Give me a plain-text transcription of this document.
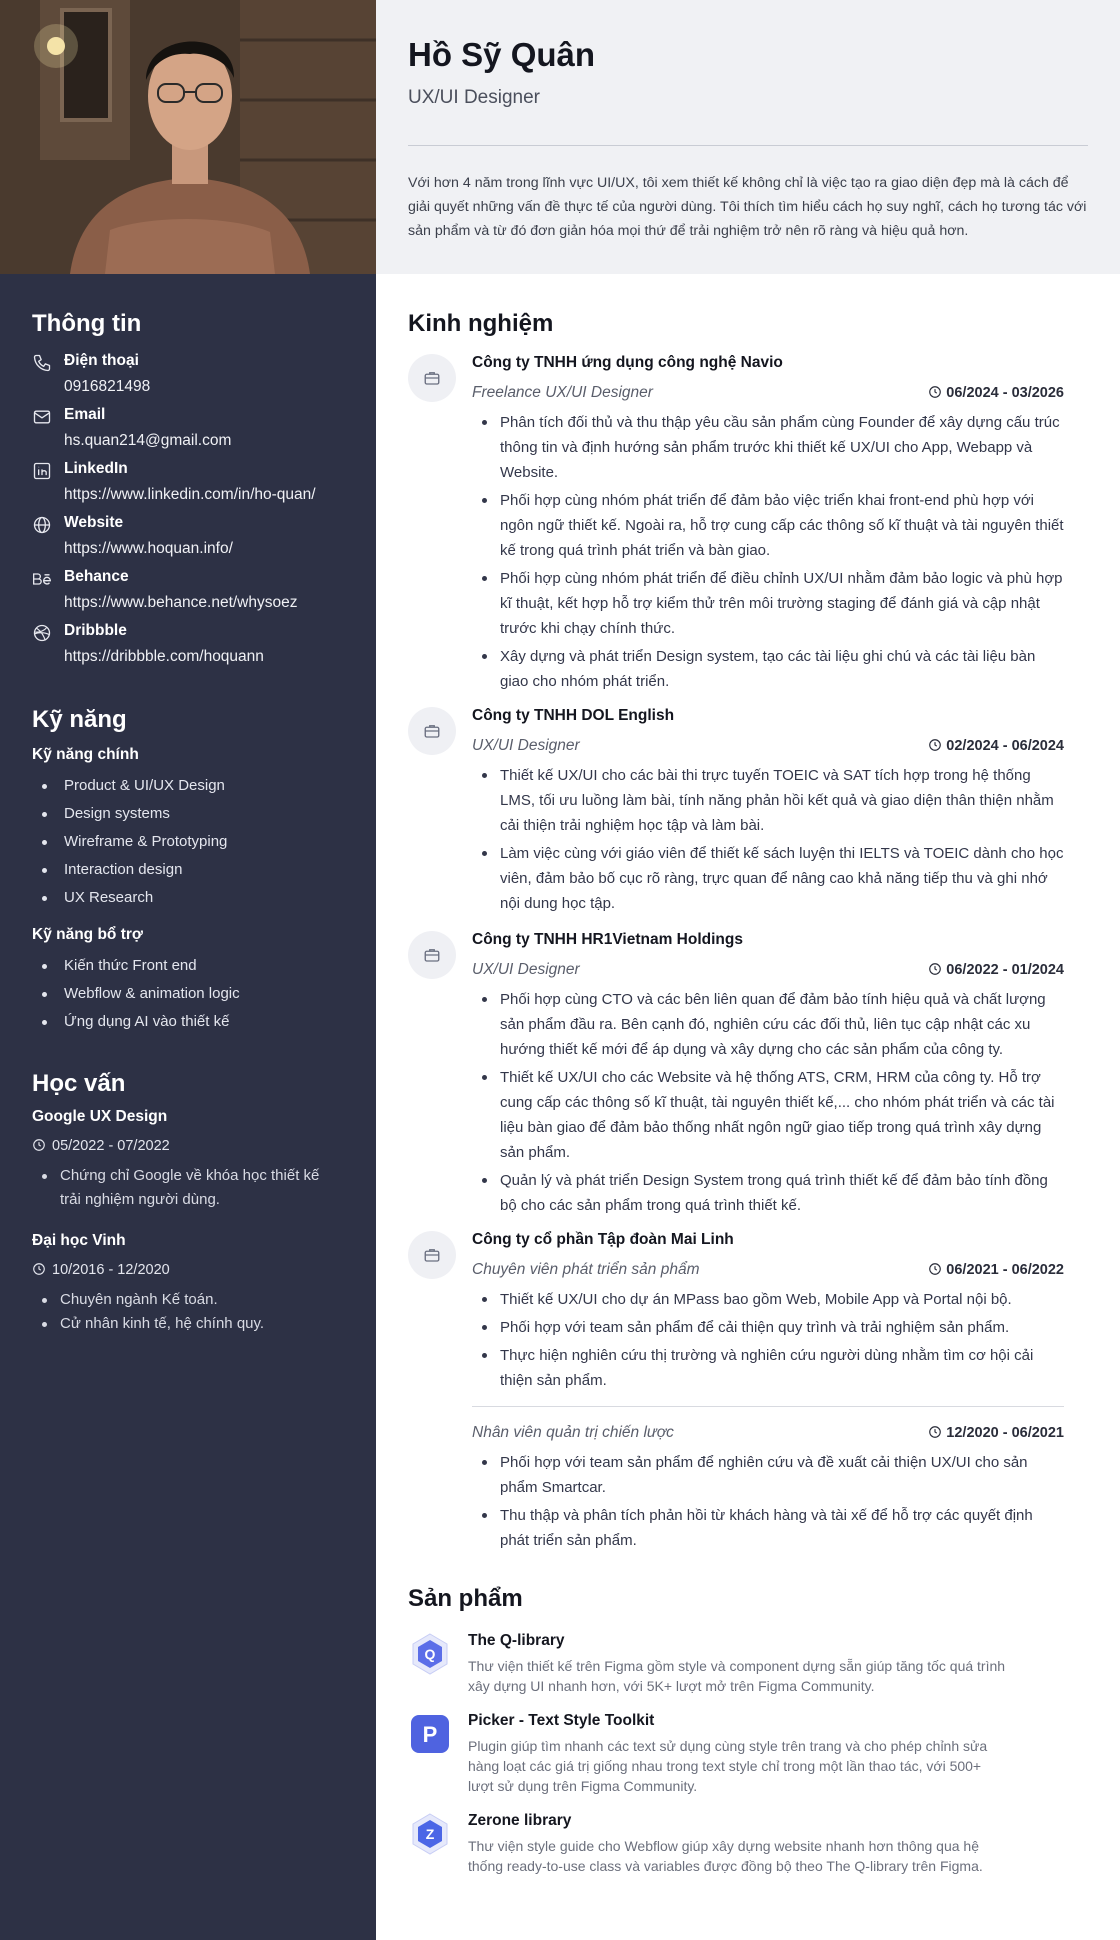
Hồ Sỹ Quân
UX/UI Designer
Với hơn 4 năm trong lĩnh vực UI/UX, tôi xem thiết kế không chỉ là việc tạo ra giao diện đẹp mà là cách để giải quyết những vấn đề thực tế của người dùng. Tôi thích tìm hiểu cách họ suy nghĩ, cách họ tương tác với sản phẩm và từ đó đơn giản hóa mọi thứ để trải nghiệm trở nên rõ ràng và hiệu quả hơn.
Thông tin
Điện thoại
0916821498
Email
hs.quan214@gmail.com
LinkedIn
https://www.linkedin.com/in/ho-quan/
Website
https://www.hoquan.info/
Behance
https://www.behance.net/whysoez
Dribbble
https://dribbble.com/hoquann
Kỹ năng
Kỹ năng chính
Product & UI/UX Design
Design systems
Wireframe & Prototyping
Interaction design
UX Research
Kỹ năng bổ trợ
Kiến thức Front end
Webflow & animation logic
Ứng dụng AI vào thiết kế
Học vấn
Google UX Design
05/2022 - 07/2022
Chứng chỉ Google về khóa học thiết kế trải nghiệm người dùng.
Đại học Vinh
10/2016 - 12/2020
Chuyên ngành Kế toán.
Cử nhân kinh tế, hệ chính quy.
Kinh nghiệm
Công ty TNHH ứng dụng công nghệ Navio
Freelance UX/UI Designer	06/2024 - 03/2026
Phân tích đối thủ và thu thập yêu cầu sản phẩm cùng Founder để xây dựng cấu trúc thông tin và định hướng sản phẩm trước khi thiết kế UX/UI cho App, Webapp và Website.
Phối hợp cùng nhóm phát triển để đảm bảo việc triển khai front-end phù hợp với ngôn ngữ thiết kế. Ngoài ra, hỗ trợ cung cấp các thông số kĩ thuật và tài nguyên thiết kế trong quá trình phát triển và bàn giao.
Phối hợp cùng nhóm phát triển để điều chỉnh UX/UI nhằm đảm bảo logic và phù hợp kĩ thuật, kết hợp hỗ trợ kiểm thử trên môi trường staging để đánh giá và cập nhật trước khi chạy chính thức.
Xây dựng và phát triển Design system, tạo các tài liệu ghi chú và các tài liệu bàn giao cho nhóm phát triển.
Công ty TNHH DOL English
UX/UI Designer	02/2024 - 06/2024
Thiết kế UX/UI cho các bài thi trực tuyến TOEIC và SAT tích hợp trong hệ thống LMS, tối ưu luồng làm bài, tính năng phản hồi kết quả và giao diện thân thiện nhằm cải thiện trải nghiệm học tập và làm bài.
Làm việc cùng với giáo viên để thiết kế sách luyện thi IELTS và TOEIC dành cho học viên, đảm bảo bố cục rõ ràng, trực quan để nâng cao khả năng tiếp thu và ghi nhớ nội dung học tập.
Công ty TNHH HR1Vietnam Holdings
UX/UI Designer	06/2022 - 01/2024
Phối hợp cùng CTO và các bên liên quan để đảm bảo tính hiệu quả và chất lượng sản phẩm đầu ra. Bên cạnh đó, nghiên cứu các đối thủ, liên tục cập nhật các xu hướng thiết kế mới để áp dụng và xây dựng cho các sản phẩm của công ty.
Thiết kế UX/UI cho các Website và hệ thống ATS, CRM, HRM của công ty. Hỗ trợ cung cấp các thông số kĩ thuật, tài nguyên thiết kế,... cho nhóm phát triển và các tài liệu bàn giao để đảm bảo thống nhất ngôn ngữ giao tiếp trong quá trình xây dựng sản phẩm.
Quản lý và phát triển Design System trong quá trình thiết kế để đảm bảo tính đồng bộ cho các sản phẩm trong quá trình thiết kế.
Công ty cổ phần Tập đoàn Mai Linh
Chuyên viên phát triển sản phẩm	06/2021 - 06/2022
Thiết kế UX/UI cho dự án MPass bao gồm Web, Mobile App và Portal nội bộ.
Phối hợp với team sản phẩm để cải thiện quy trình và trải nghiệm sản phẩm.
Thực hiện nghiên cứu thị trường và nghiên cứu người dùng nhằm tìm cơ hội cải thiện sản phẩm.
Nhân viên quản trị chiến lược	12/2020 - 06/2021
Phối hợp với team sản phẩm để nghiên cứu và đề xuất cải thiện UX/UI cho sản phẩm Smartcar.
Thu thập và phân tích phản hồi từ khách hàng và tài xế để hỗ trợ các quyết định phát triển sản phẩm.
Sản phẩm
Q
The Q-library
Thư viện thiết kế trên Figma gồm style và component dựng sẵn giúp tăng tốc quá trình xây dựng UI nhanh hơn, với 5K+ lượt mở trên Figma Community.
P
Picker - Text Style Toolkit
Plugin giúp tìm nhanh các text sử dụng cùng style trên trang và cho phép chỉnh sửa hàng loạt các giá trị giống nhau trong text style chỉ trong một lần thao tác, với 500+ lượt sử dụng trên Figma Community.
Z
Zerone library
Thư viện style guide cho Webflow giúp xây dựng website nhanh hơn thông qua hệ thống ready-to-use class và variables được đồng bộ theo The Q-library trên Figma.
